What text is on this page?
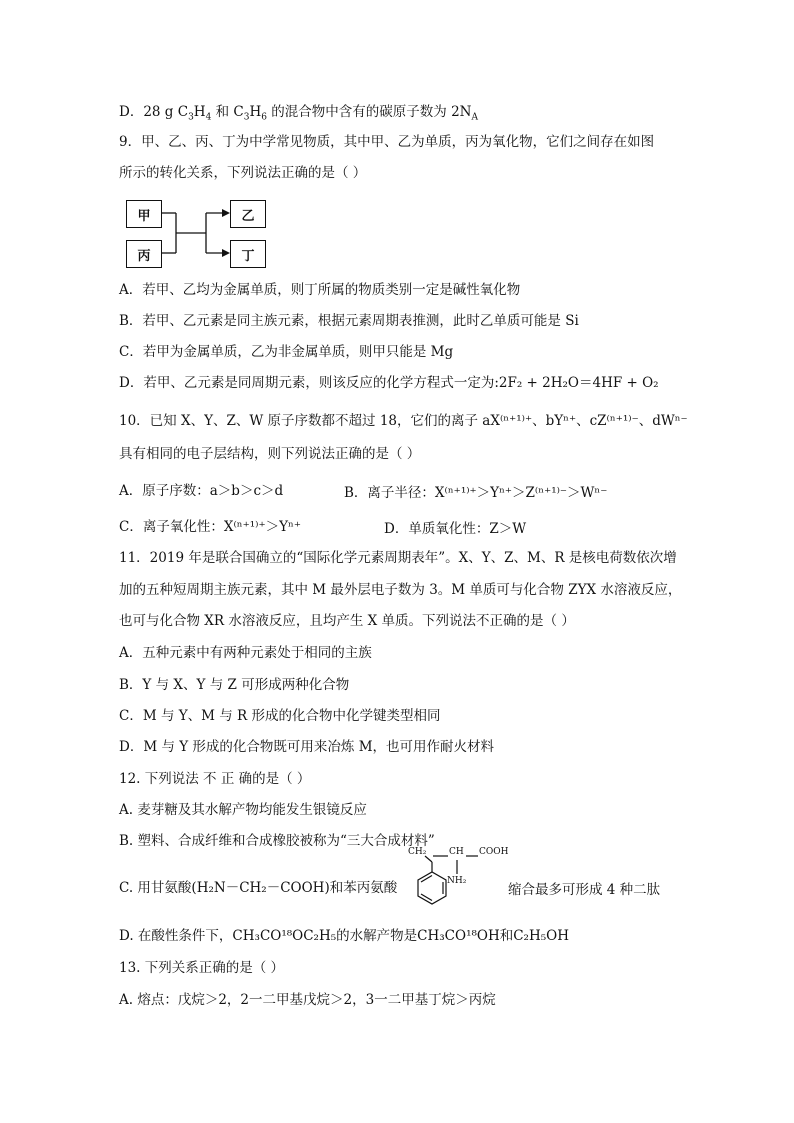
D．28 g $C_3H_4$ 和 $C_3H_6$ 的混合物中含有的碳原子数为 $2N_A$
9．甲、乙、丙、丁为中学常见物质，其中甲、乙为单质，丙为氧化物，它们之间存在如图
所示的转化关系，下列说法正确的是（ ）
甲
丙
乙
丁
A．若甲、乙均为金属单质，则丁所属的物质类别一定是碱性氧化物
B．若甲、乙元素是同主族元素，根据元素周期表推测，此时乙单质可能是 Si
C．若甲为金属单质，乙为非金属单质，则甲只能是 Mg
D．若甲、乙元素是同周期元素，则该反应的化学方程式一定为:2F₂ + 2H₂O＝4HF + O₂
10．已知 X、Y、Z、W 原子序数都不超过 18，它们的离子 aX⁽ⁿ⁺¹⁾⁺、bYⁿ⁺、cZ⁽ⁿ⁺¹⁾⁻、dWⁿ⁻
具有相同的电子层结构，则下列说法正确的是（ ）
A．原子序数：a＞b＞c＞d	B．离子半径：X⁽ⁿ⁺¹⁾⁺＞Yⁿ⁺＞Z⁽ⁿ⁺¹⁾⁻＞Wⁿ⁻
C．离子氧化性：X⁽ⁿ⁺¹⁾⁺＞Yⁿ⁺	D．单质氧化性：Z＞W
11．2019 年是联合国确立的“国际化学元素周期表年”。X、Y、Z、M、R 是核电荷数依次增
加的五种短周期主族元素，其中 M 最外层电子数为 3。M 单质可与化合物 ZYX 水溶液反应，
也可与化合物 XR 水溶液反应，且均产生 X 单质。下列说法不正确的是（ ）
A．五种元素中有两种元素处于相同的主族
B．Y 与 X、Y 与 Z 可形成两种化合物
C．M 与 Y、M 与 R 形成的化合物中化学键类型相同
D．M 与 Y 形成的化合物既可用来冶炼 M，也可用作耐火材料
12. 下列说法 不 正 确的是（ ）
A. 麦芽糖及其水解产物均能发生银镜反应
B. 塑料、合成纤维和合成橡胶被称为“三大合成材料”
C. 用甘氨酸(H₂N－CH₂－COOH)和苯丙氨酸
CH₂	CH COOH
NH₂
缩合最多可形成 4 种二肽
D. 在酸性条件下，CH₃CO¹⁸OC₂H₅的水解产物是CH₃CO¹⁸OH和C₂H₅OH
13. 下列关系正确的是（ ）
A. 熔点：戊烷＞2，2一二甲基戊烷＞2，3一二甲基丁烷＞丙烷
